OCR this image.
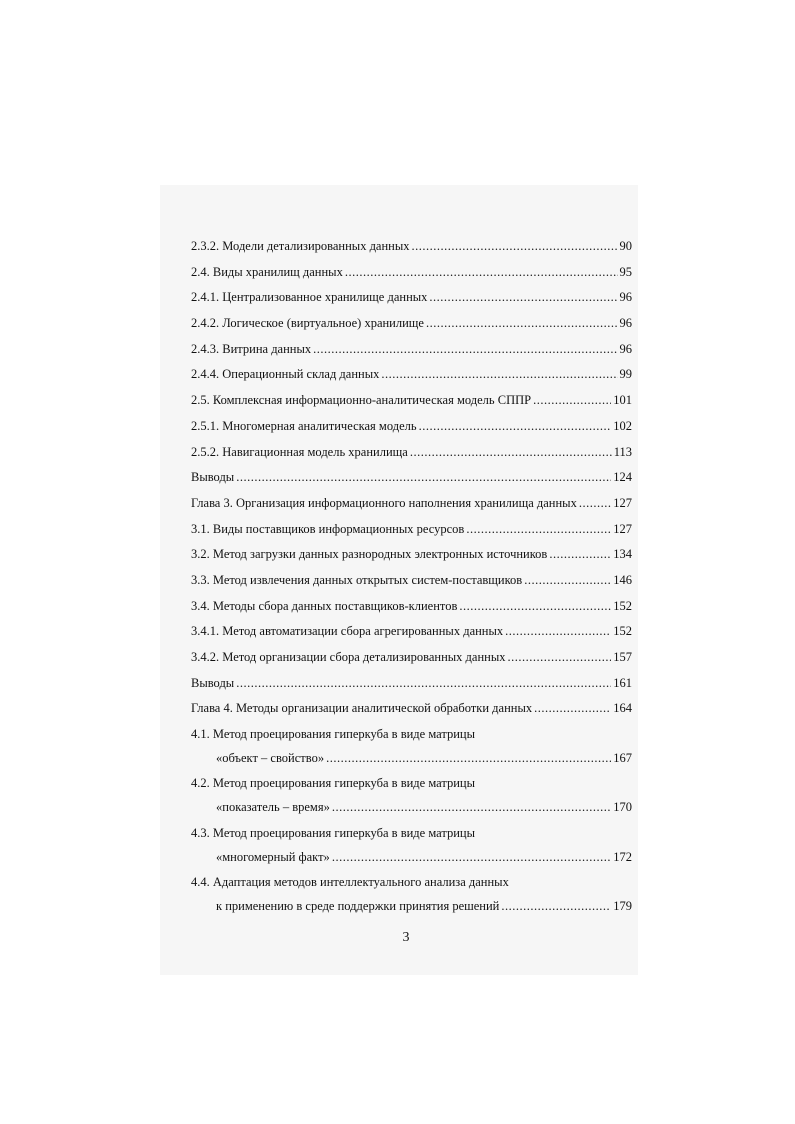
2.3.2. Модели детализированных данных .....	90
2.4. Виды хранилищ данных .....	95
2.4.1. Централизованное хранилище данных .....	96
2.4.2. Логическое (виртуальное) хранилище .....	96
2.4.3. Витрина данных .....	96
2.4.4. Операционный склад данных .....	99
2.5. Комплексная информационно-аналитическая модель СППР .....	101
2.5.1. Многомерная аналитическая модель .....	102
2.5.2. Навигационная модель хранилища .....	113
Выводы .....	124
Глава 3. Организация информационного наполнения хранилища данных .....	127
3.1. Виды поставщиков информационных ресурсов .....	127
3.2. Метод загрузки данных разнородных электронных источников .....	134
3.3. Метод извлечения данных открытых систем-поставщиков .....	146
3.4. Методы сбора данных поставщиков-клиентов .....	152
3.4.1. Метод автоматизации сбора агрегированных данных .....	152
3.4.2. Метод организации сбора детализированных данных .....	157
Выводы .....	161
Глава 4. Методы организации аналитической обработки данных .....	164
4.1. Метод проецирования гиперкуба в виде матрицы
«объект – свойство» .....	167
4.2. Метод проецирования гиперкуба в виде матрицы
«показатель – время» .....	170
4.3. Метод проецирования гиперкуба в виде матрицы
«многомерный факт» .....	172
4.4. Адаптация методов интеллектуального анализа данных
к применению в среде поддержки принятия решений .....	179
3
